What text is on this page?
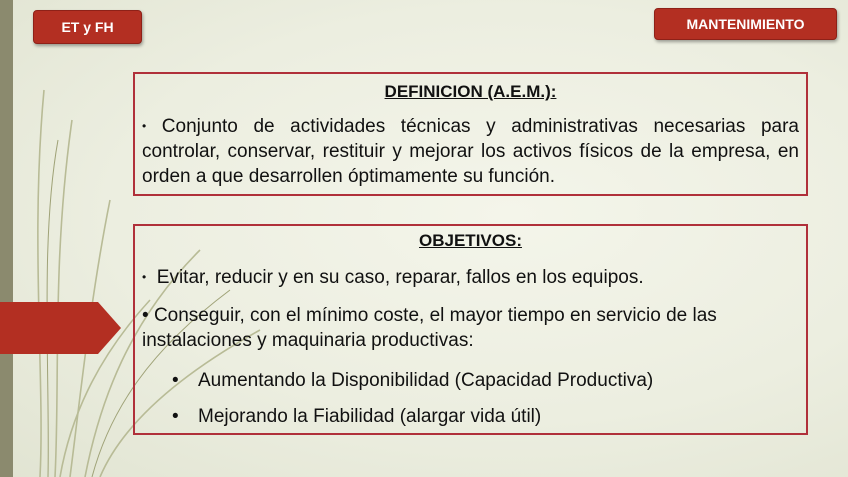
ET y FH	MANTENIMIENTO
DEFINICION (A.E.M.):
• Conjunto de actividades técnicas y administrativas necesarias para controlar, conservar, restituir y mejorar los activos físicos de la empresa, en orden a que desarrollen óptimamente su función.
OBJETIVOS:
• Evitar, reducir y en su caso, reparar, fallos en los equipos.
• Conseguir, con el mínimo coste, el mayor tiempo en servicio de las instalaciones y maquinaria productivas:
• Aumentando la Disponibilidad (Capacidad Productiva)
• Mejorando la Fiabilidad (alargar vida útil)
